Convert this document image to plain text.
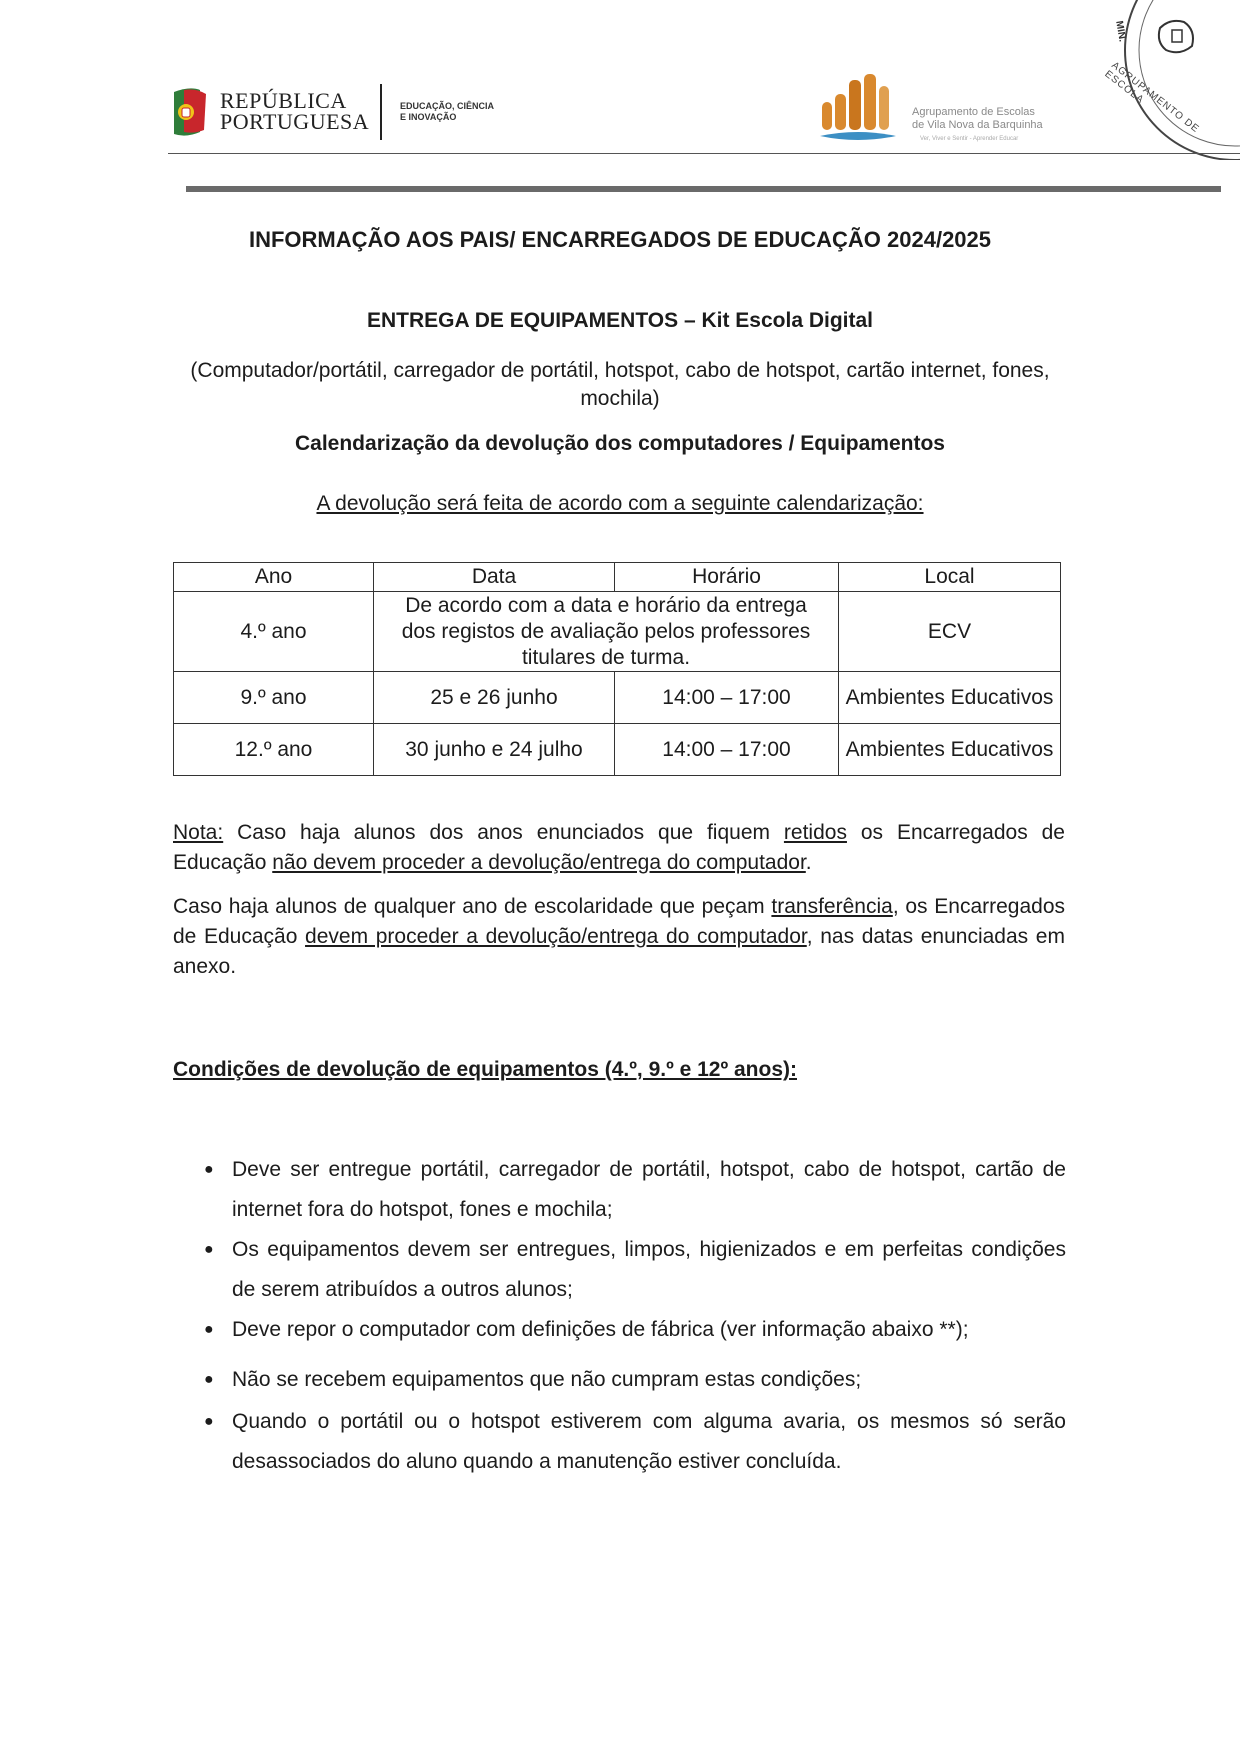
REPÚBLICA
PORTUGUESA
EDUCAÇÃO, CIÊNCIA
E INOVAÇÃO	Agrupamento de Escolas
de Vila Nova da Barquinha
Ver, Viver e Sentir - Aprender Educar
MIN.
AGRUPAMENTO DE ESCOLA
INFORMAÇÃO AOS PAIS/ ENCARREGADOS DE EDUCAÇÃO 2024/2025
ENTREGA DE EQUIPAMENTOS – Kit Escola Digital
(Computador/portátil, carregador de portátil, hotspot, cabo de hotspot, cartão internet, fones, mochila)
Calendarização da devolução dos computadores / Equipamentos
A devolução será feita de acordo com a seguinte calendarização:
Ano	Data	Horário	Local
4.º ano	De acordo com a data e horário da entrega dos registos de avaliação pelos professores titulares de turma.		ECV
9.º ano	25 e 26 junho	14:00 – 17:00	Ambientes Educativos
12.º ano	30 junho e 24 julho	14:00 – 17:00	Ambientes Educativos
Nota: Caso haja alunos dos anos enunciados que fiquem retidos os Encarregados de Educação não devem proceder a devolução/entrega do computador.
Caso haja alunos de qualquer ano de escolaridade que peçam transferência, os Encarregados de Educação devem proceder a devolução/entrega do computador, nas datas enunciadas em anexo.
Condições de devolução de equipamentos (4.º, 9.º e 12º anos):
● Deve ser entregue portátil, carregador de portátil, hotspot, cabo de hotspot, cartão de internet fora do hotspot, fones e mochila;
● Os equipamentos devem ser entregues, limpos, higienizados e em perfeitas condições de serem atribuídos a outros alunos;
● Deve repor o computador com definições de fábrica (ver informação abaixo **);
● Não se recebem equipamentos que não cumpram estas condições;
● Quando o portátil ou o hotspot estiverem com alguma avaria, os mesmos só serão desassociados do aluno quando a manutenção estiver concluída.
